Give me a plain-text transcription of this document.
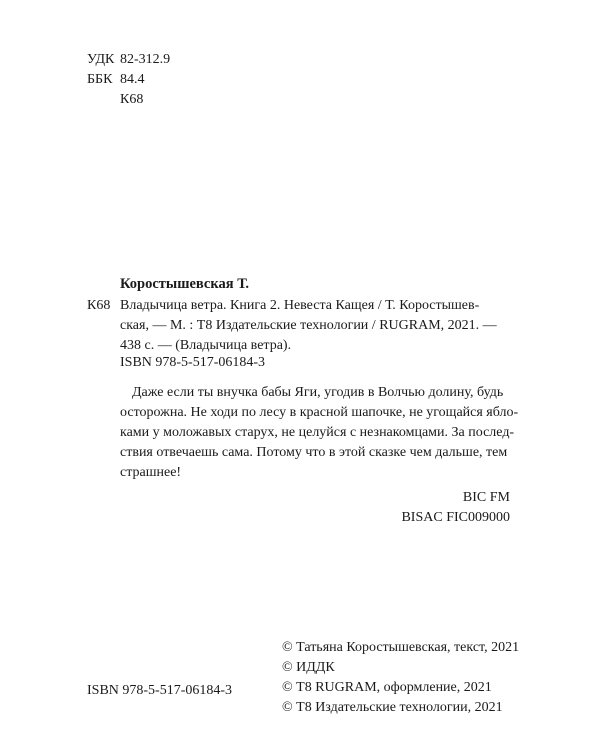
УДК 82-312.9
ББК 84.4
К68
Коростышевская Т.
К68 Владычица ветра. Книга 2. Невеста Кащея / Т. Коростышев-
ская, — М. : Т8 Издательские технологии / RUGRAM, 2021. —
438 с. — (Владычица ветра).
ISBN 978-5-517-06184-3
Даже если ты внучка бабы Яги, угодив в Волчью долину, будь
осторожна. Не ходи по лесу в красной шапочке, не угощайся ябло-
ками у моложавых старух, не целуйся с незнакомцами. За послед-
ствия отвечаешь сама. Потому что в этой сказке чем дальше, тем
страшнее!
BIC FM
BISAC FIC009000
© Татьяна Коростышевская, текст, 2021
© ИДДК
© Т8 RUGRAM, оформление, 2021
© Т8 Издательские технологии, 2021
ISBN 978-5-517-06184-3
